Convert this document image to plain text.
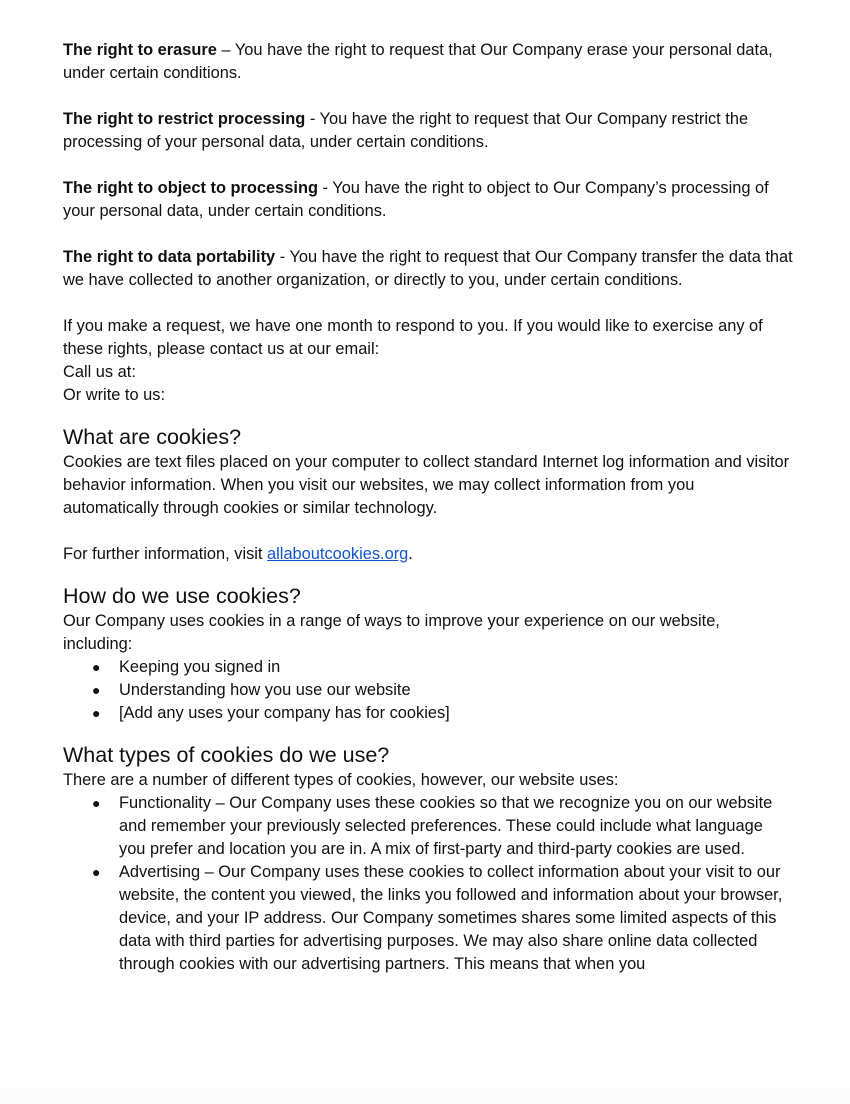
The right to erasure – You have the right to request that Our Company erase your personal data, under certain conditions.

The right to restrict processing - You have the right to request that Our Company restrict the processing of your personal data, under certain conditions.

The right to object to processing - You have the right to object to Our Company’s processing of your personal data, under certain conditions.

The right to data portability - You have the right to request that Our Company transfer the data that we have collected to another organization, or directly to you, under certain conditions.

If you make a request, we have one month to respond to you. If you would like to exercise any of these rights, please contact us at our email:

Call us at:

Or write to us:

What are cookies?

Cookies are text files placed on your computer to collect standard Internet log information and visitor behavior information. When you visit our websites, we may collect information from you automatically through cookies or similar technology.

For further information, visit allaboutcookies.org.

How do we use cookies?

Our Company uses cookies in a range of ways to improve your experience on our website, including:

● Keeping you signed in
● Understanding how you use our website
● [Add any uses your company has for cookies]
What types of cookies do we use?

There are a number of different types of cookies, however, our website uses:

● Functionality – Our Company uses these cookies so that we recognize you on our website and remember your previously selected preferences. These could include what language you prefer and location you are in. A mix of first-party and third-party cookies are used.
● Advertising – Our Company uses these cookies to collect information about your visit to our website, the content you viewed, the links you followed and information about your browser, device, and your IP address. Our Company sometimes shares some limited aspects of this data with third parties for advertising purposes. We may also share online data collected through cookies with our advertising partners. This means that when you
